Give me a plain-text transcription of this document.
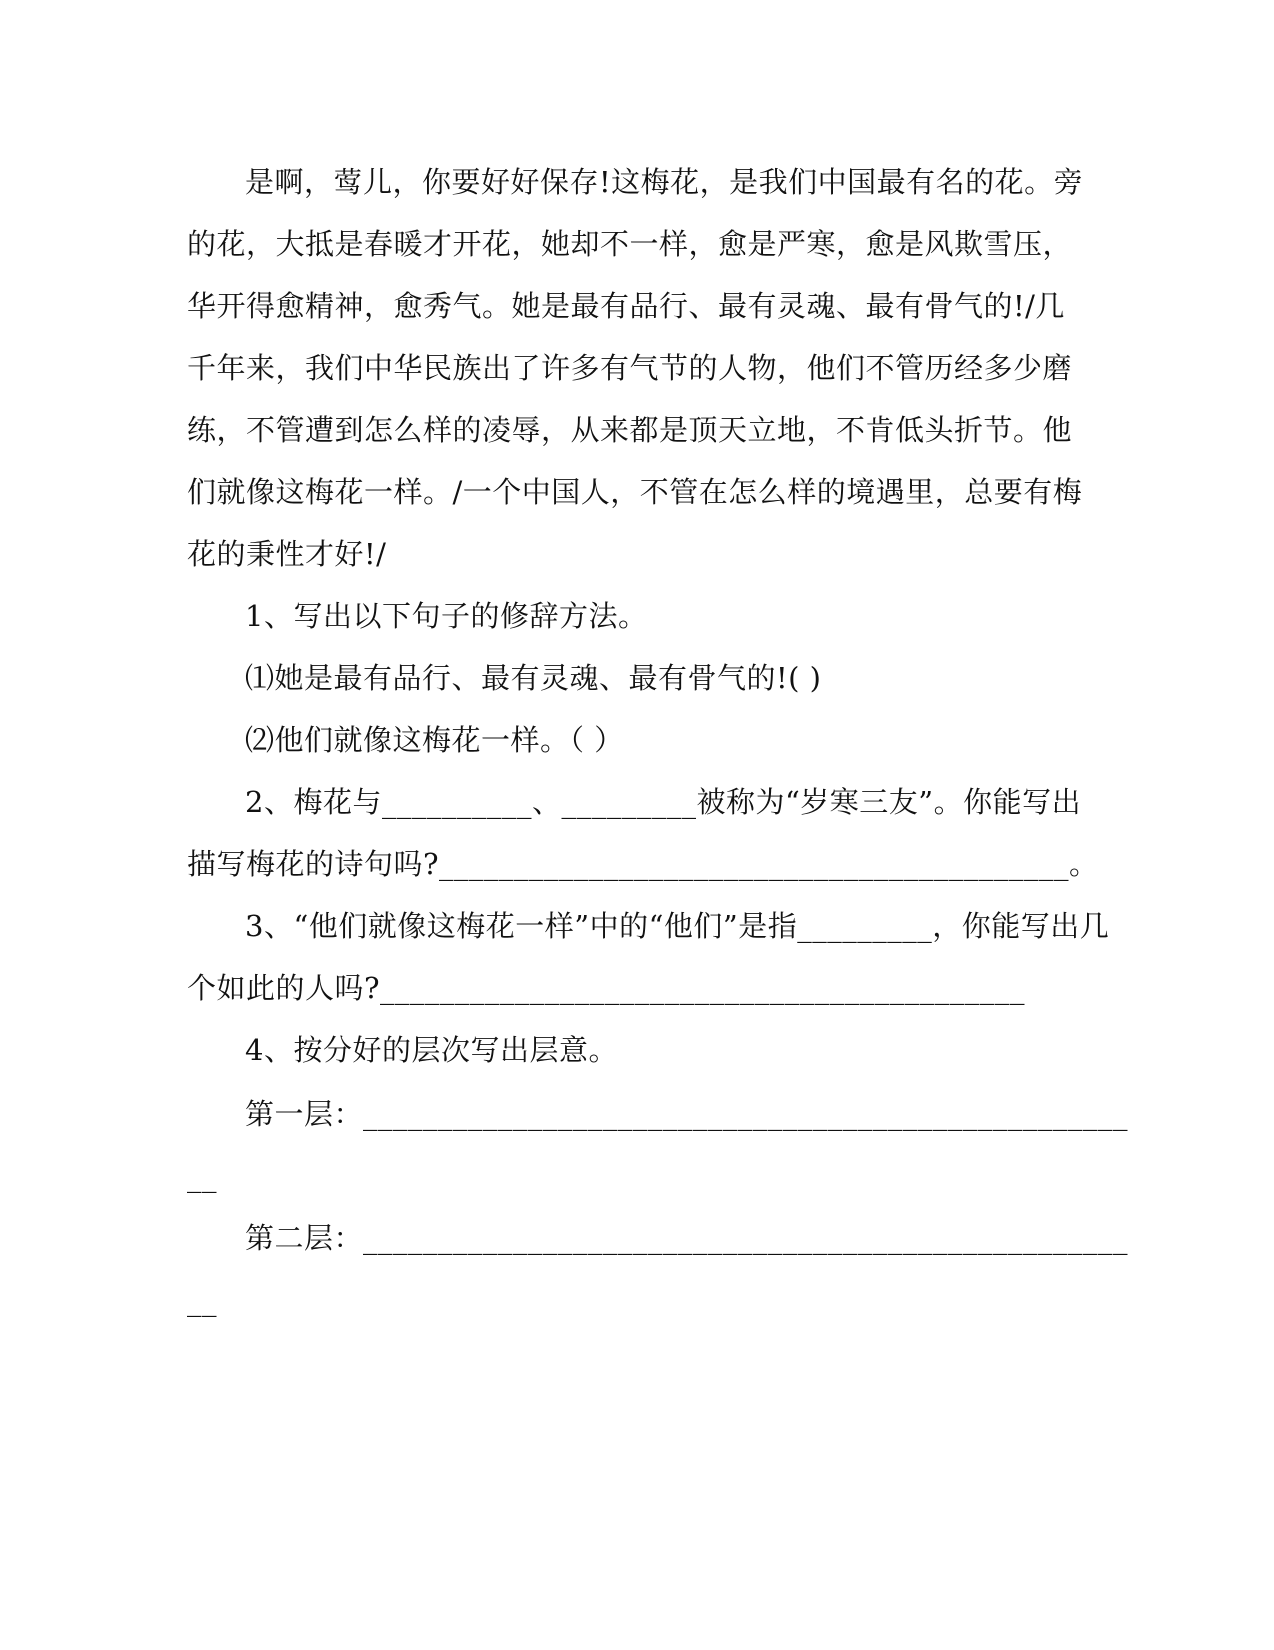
是啊，莺儿，你要好好保存!这梅花，是我们中国最有名的花。旁
的花，大抵是春暖才开花，她却不一样，愈是严寒，愈是风欺雪压，
华开得愈精神，愈秀气。她是最有品行、最有灵魂、最有骨气的!/几
千年来，我们中华民族出了许多有气节的人物，他们不管历经多少磨
练，不管遭到怎么样的凌辱，从来都是顶天立地，不肯低头折节。他
们就像这梅花一样。/一个中国人，不管在怎么样的境遇里，总要有梅
花的秉性才好!/
1、写出以下句子的修辞方法。
⑴她是最有品行、最有灵魂、最有骨气的!( )
⑵他们就像这梅花一样。（ ）
2、梅花与__________、_________被称为“岁寒三友”。你能写出
描写梅花的诗句吗?__________________________________________。
3、“他们就像这梅花一样”中的“他们”是指_________，你能写出几
个如此的人吗?___________________________________________
4、按分好的层次写出层意。
第一层：___________________________________________________
__
第二层：___________________________________________________
__
